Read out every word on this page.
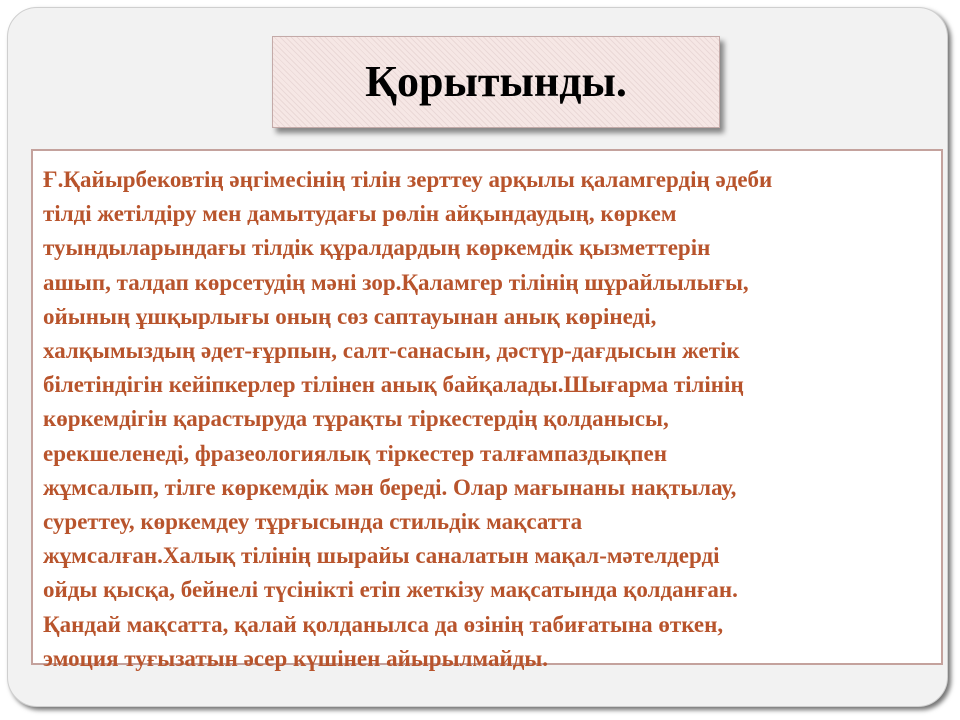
Қорытынды.

Ғ.Қайырбековтің әңгімесінің тілін зерттеу арқылы қаламгердің әдеби
тілді жетілдіру мен дамытудағы рөлін айқындаудың, көркем
туындыларындағы тілдік құралдардың көркемдік қызметтерін
ашып, талдап көрсетудің мәні зор.Қаламгер тілінің шұрайлылығы,
ойының ұшқырлығы оның сөз саптауынан анық көрінеді,
халқымыздың әдет-ғұрпын, салт-санасын, дәстүр-дағдысын жетік
білетіндігін кейіпкерлер тілінен анық байқалады.Шығарма тілінің
көркемдігін қарастыруда тұрақты тіркестердің қолданысы,
ерекшеленеді, фразеологиялық тіркестер талғампаздықпен
жұмсалып, тілге көркемдік мән береді. Олар мағынаны нақтылау,
суреттеу, көркемдеу тұрғысында стильдік мақсатта
жұмсалған.Халық тілінің шырайы саналатын мақал-мәтелдерді
ойды қысқа, бейнелі түсінікті етіп жеткізу мақсатында қолданған.
Қандай мақсатта, қалай қолданылса да өзінің табиғатына өткен,
эмоция туғызатын әсер күшінен айырылмайды.
